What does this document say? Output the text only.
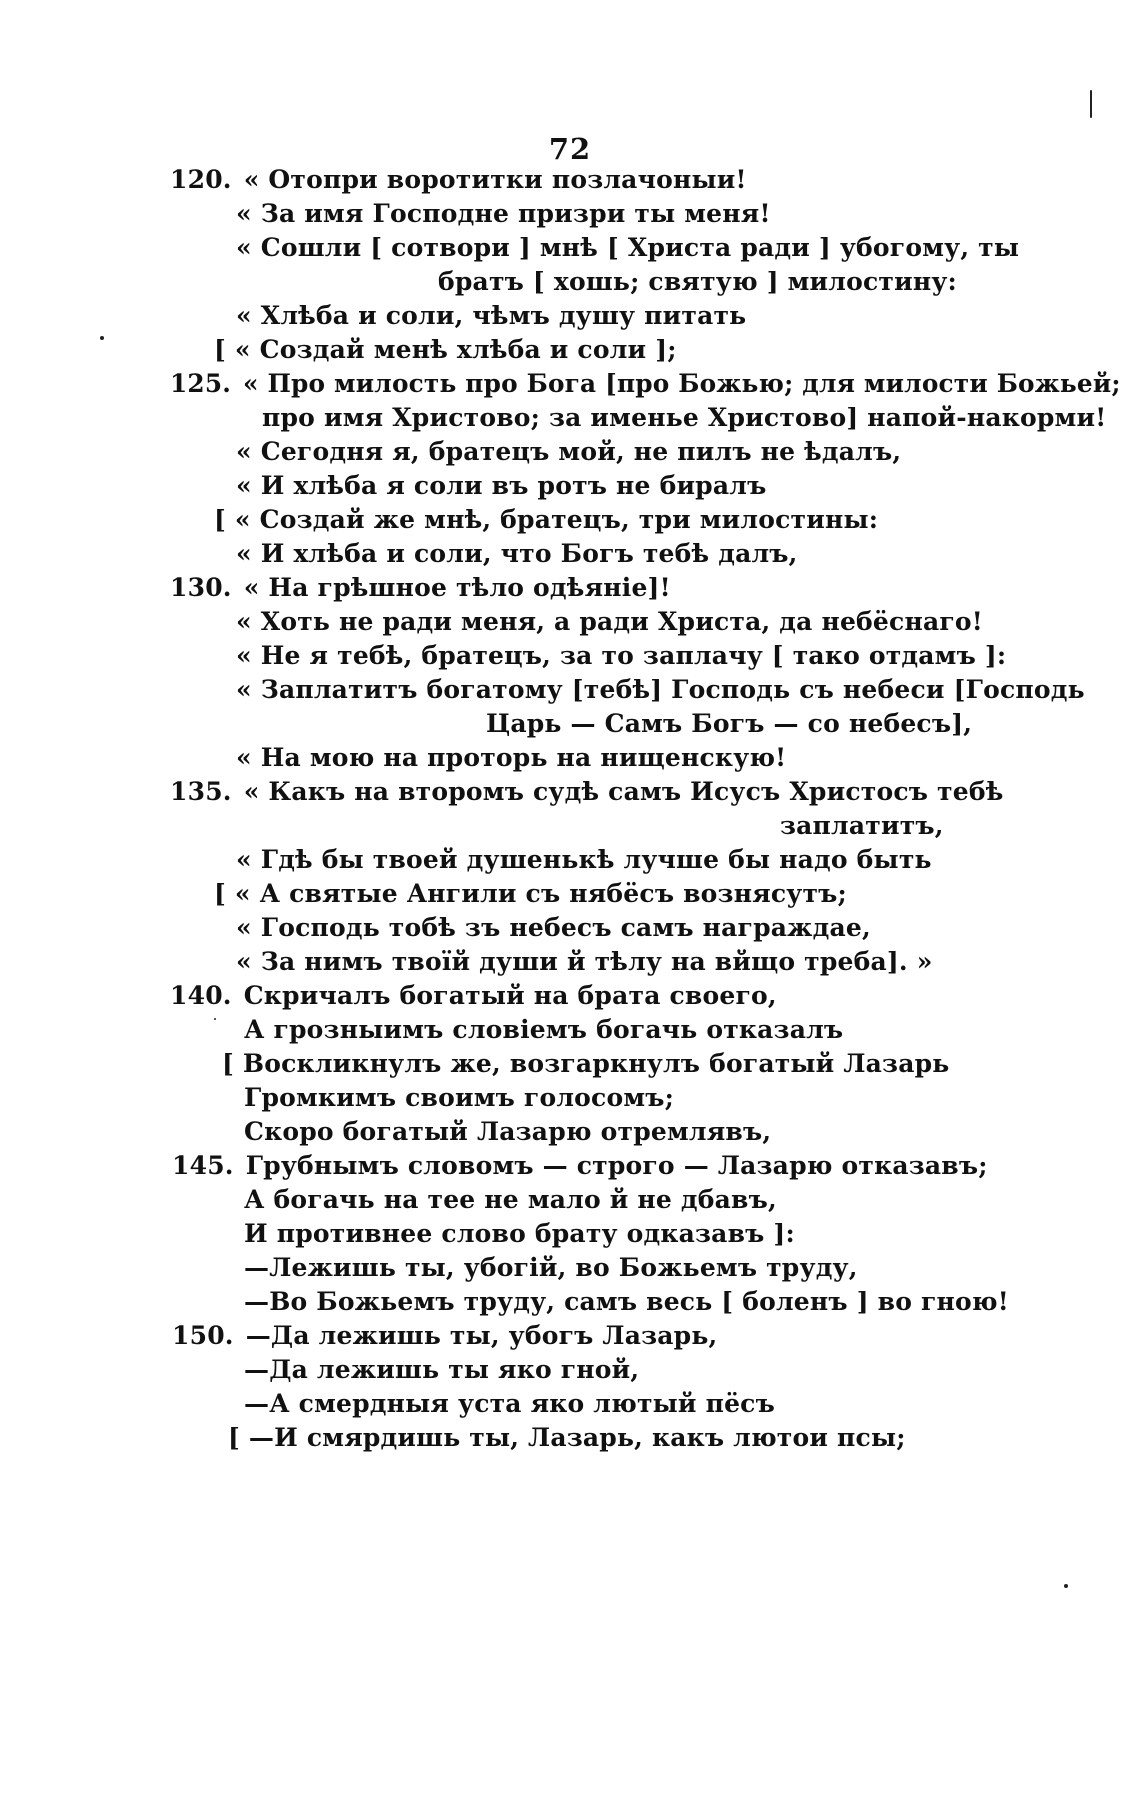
72
120. « Отопри воротитки позлачоныи!
« За имя Господне призри ты меня!
« Сошли [ сотвори ] мнѣ [ Христа ради ] убогому, ты
братъ [ хошь; святую ] милостину:
« Хлѣба и соли, чѣмъ душу питать
[ « Создай менѣ хлѣба и соли ];
125. « Про милость про Бога [про Божью; для милости Божьей;
про имя Христово; за именье Христово] напой-накорми!
« Сегодня я, братецъ мой, не пилъ не ѣдалъ,
« И хлѣба я соли въ ротъ не биралъ
[ « Создай же мнѣ, братецъ, три милостины:
« И хлѣба и соли, что Богъ тебѣ далъ,
130. « На грѣшное тѣло одѣяніе]!
« Хоть не ради меня, а ради Христа, да небёснаго!
« Не я тебѣ, братецъ, за то заплачу [ тако отдамъ ]:
« Заплатитъ богатому [тебѣ] Господь съ небеси [Господь
Царь — Самъ Богъ — со небесъ],
« На мою на проторь на нищенскую!
135. « Какъ на второмъ судѣ самъ Исусъ Христосъ тебѣ
заплатитъ,
« Гдѣ бы твоей душенькѣ лучше бы надо быть
[ « А святые Ангили съ нябёсъ вознясутъ;
« Господь тобѣ зъ небесъ самъ награждае,
« За нимъ твоїй души й тѣлу на вйщо треба]. »
140. Скричалъ богатый на брата своего,
А грозныимъ словіемъ богачь отказалъ
[ Воскликнулъ же, возгаркнулъ богатый Лазарь
Громкимъ своимъ голосомъ;
Скоро богатый Лазарю отремлявъ,
145. Грубнымъ словомъ — строго — Лазарю отказавъ;
А богачь на тее не мало й не дбавъ,
И противнее слово брату одказавъ ]:
—Лежишь ты, убогій, во Божьемъ труду,
—Во Божьемъ труду, самъ весь [ боленъ ] во гною!
150. —Да лежишь ты, убогъ Лазарь,
—Да лежишь ты яко гной,
—А смердныя уста яко лютый пёсъ
[ —И смярдишь ты, Лазарь, какъ лютои псы;
